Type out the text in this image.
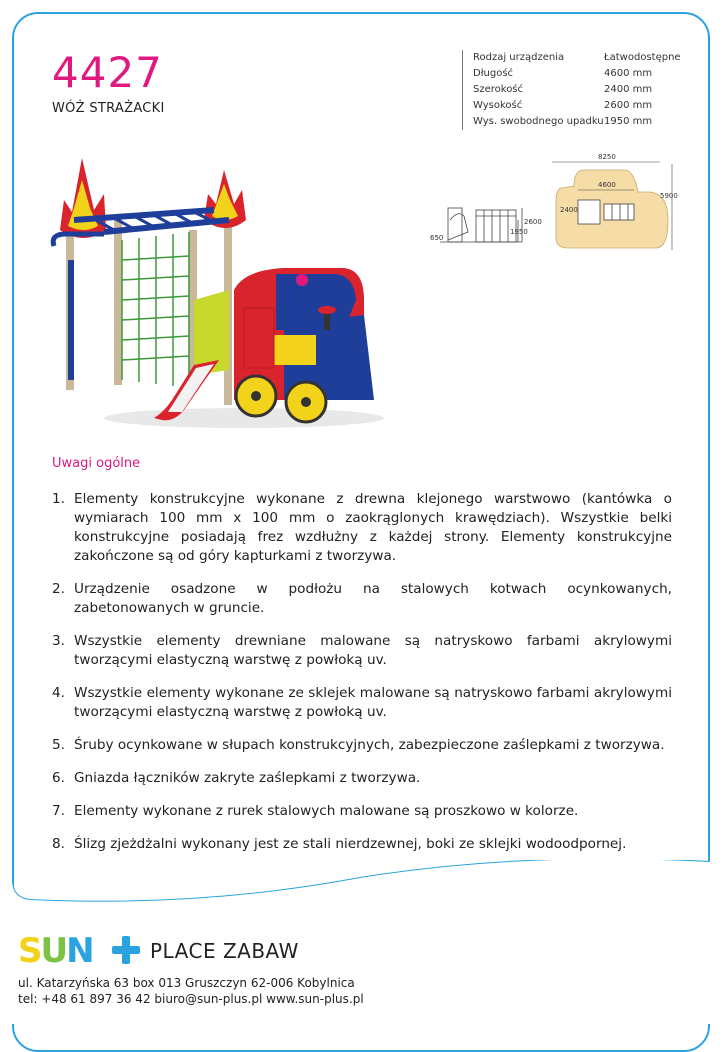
4427
WÓŻ STRAŻACKI
Rodzaj urządzenia	Łatwodostępne
Długość	4600 mm
Szerokość	2400 mm
Wysokość	2600 mm
Wys. swobodnego upadku 1950 mm
2600
1950
650
8250
4600
5900
2400
Uwagi ogólne
1. Elementy konstrukcyjne wykonane z drewna klejonego warstwowo (kantówka o wymiarach 100 mm x 100 mm o zaokrąglonych krawędziach). Wszystkie belki konstrukcyjne posiadają frez wzdłużny z każdej strony. Elementy konstrukcyjne zakończone są od góry kapturkami z tworzywa.
2. Urządzenie osadzone w podłożu na stalowych kotwach ocynkowanych, zabetonowanych w gruncie.
3. Wszystkie elementy drewniane malowane są natryskowo farbami akrylowymi tworzącymi elastyczną warstwę z powłoką uv.
4. Wszystkie elementy wykonane ze sklejek malowane są natryskowo farbami akrylowymi tworzącymi elastyczną warstwę z powłoką uv.
5. Śruby ocynkowane w słupach konstrukcyjnych, zabezpieczone zaślepkami z tworzywa.
6. Gniazda łączników zakryte zaślepkami z tworzywa.
7. Elementy wykonane z rurek stalowych malowane są proszkowo w kolorze.
8. Ślizg zjeżdżalni wykonany jest ze stali nierdzewnej, boki ze sklejki wodoodpornej.
SUN	PLACE ZABAW
ul. Katarzyńska 63 box 013 Gruszczyn 62-006 Kobylnica
tel: +48 61 897 36 42 biuro@sun-plus.pl www.sun-plus.pl
